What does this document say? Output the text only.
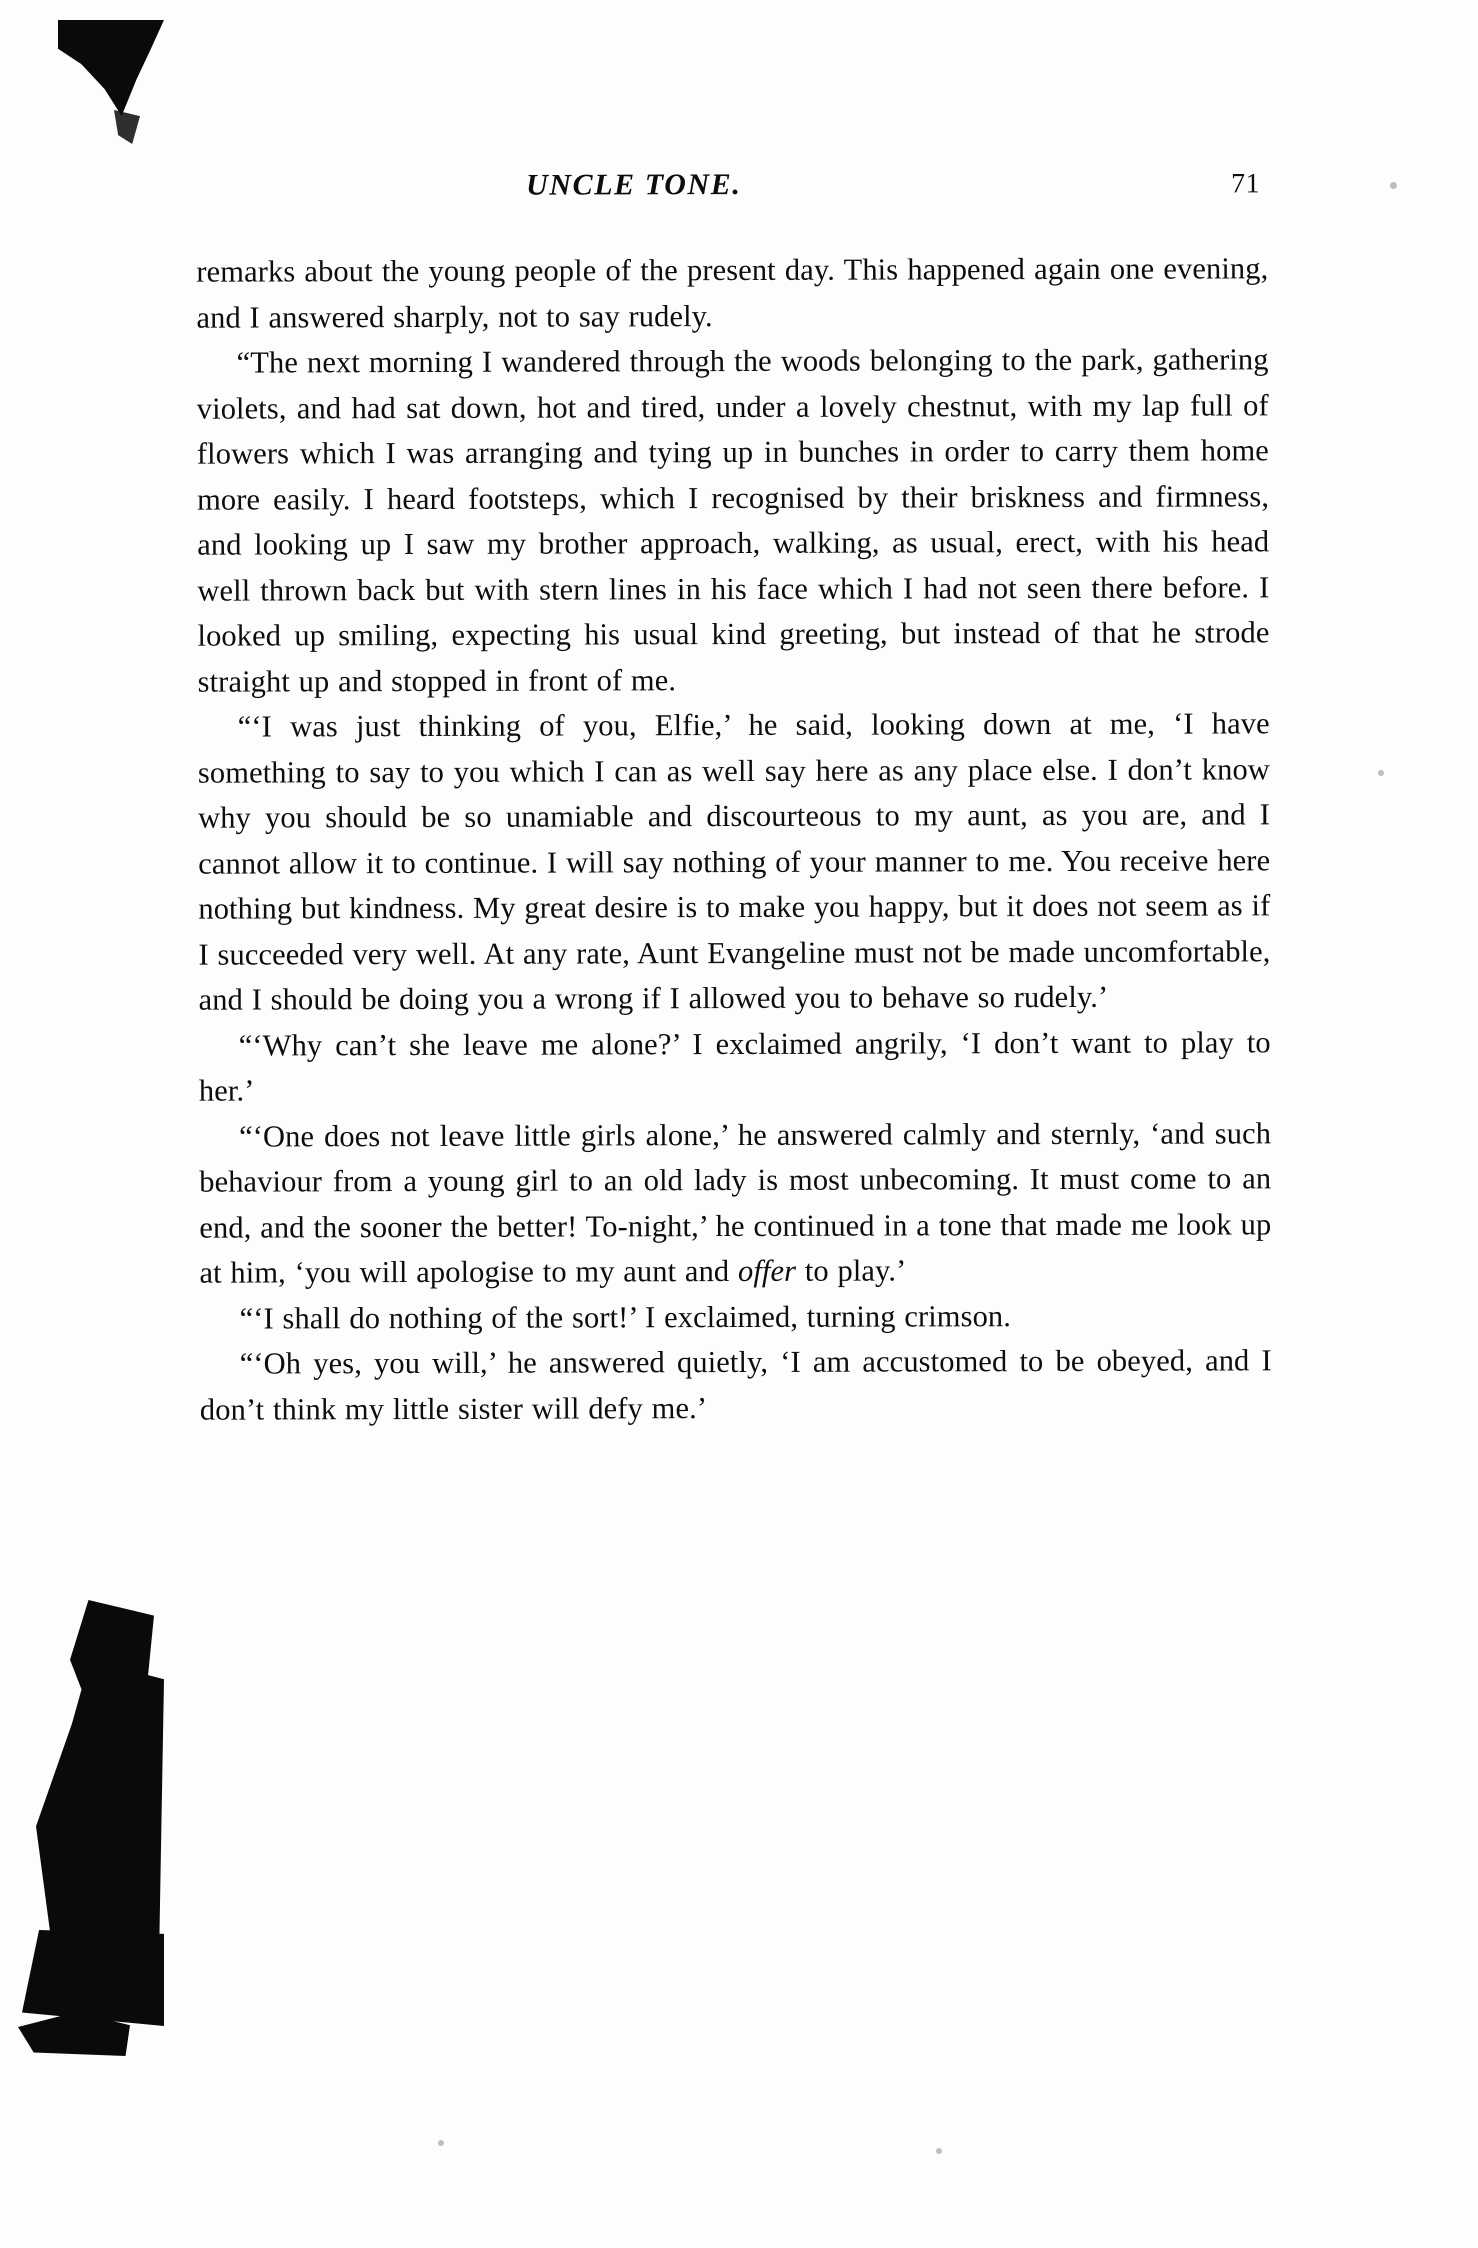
UNCLE TONE.	71

remarks about the young people of the present day. This happened again one evening, and I answered sharply, not to say rudely.

“The next morning I wandered through the woods belonging to the park, gathering violets, and had sat down, hot and tired, under a lovely chestnut, with my lap full of flowers which I was arranging and tying up in bunches in order to carry them home more easily. I heard footsteps, which I recognised by their briskness and firmness, and looking up I saw my brother approach, walking, as usual, erect, with his head well thrown back but with stern lines in his face which I had not seen there before. I looked up smiling, expecting his usual kind greeting, but instead of that he strode straight up and stopped in front of me.

“‘I was just thinking of you, Elfie,’ he said, looking down at me, ‘I have something to say to you which I can as well say here as any place else. I don’t know why you should be so unamiable and discourteous to my aunt, as you are, and I cannot allow it to continue. I will say nothing of your manner to me. You receive here nothing but kindness. My great desire is to make you happy, but it does not seem as if I succeeded very well. At any rate, Aunt Evangeline must not be made uncomfortable, and I should be doing you a wrong if I allowed you to behave so rudely.’

“‘Why can’t she leave me alone?’ I exclaimed angrily, ‘I don’t want to play to her.’

“‘One does not leave little girls alone,’ he answered calmly and sternly, ‘and such behaviour from a young girl to an old lady is most unbecoming. It must come to an end, and the sooner the better! To-night,’ he continued in a tone that made me look up at him, ‘you will apologise to my aunt and offer to play.’

“‘I shall do nothing of the sort!’ I exclaimed, turning crimson.

“‘Oh yes, you will,’ he answered quietly, ‘I am accustomed to be obeyed, and I don’t think my little sister will defy me.’
